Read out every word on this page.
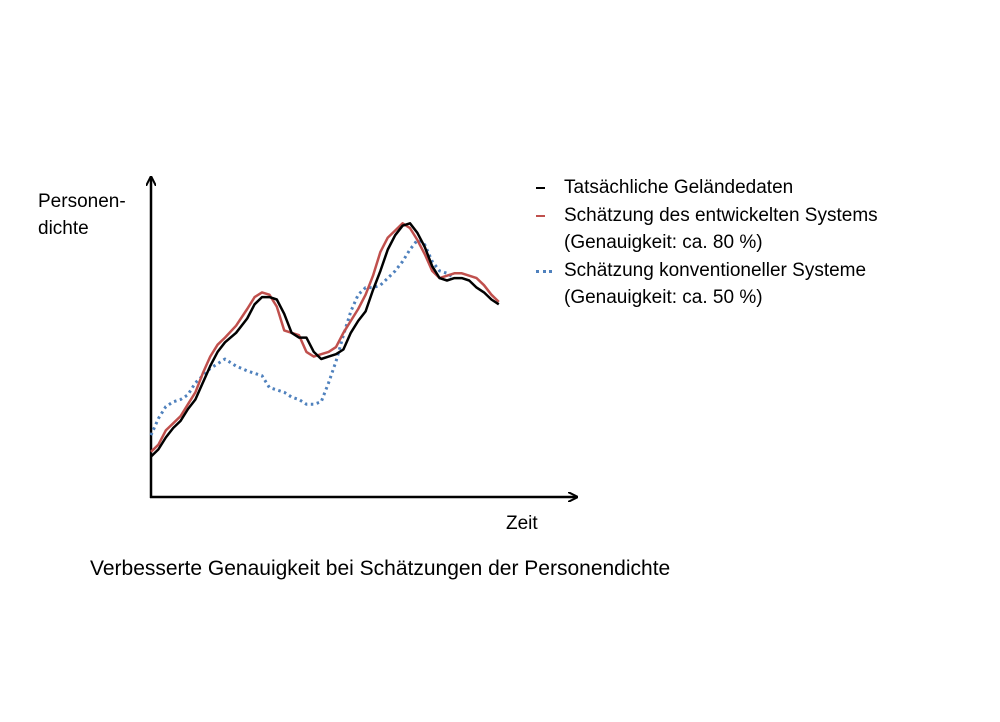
Personen-
dichte
Zeit
Tatsächliche Geländedaten
Schätzung des entwickelten Systems
(Genauigkeit: ca. 80 %)
Schätzung konventioneller Systeme
(Genauigkeit: ca. 50 %)
Verbesserte Genauigkeit bei Schätzungen der Personendichte
